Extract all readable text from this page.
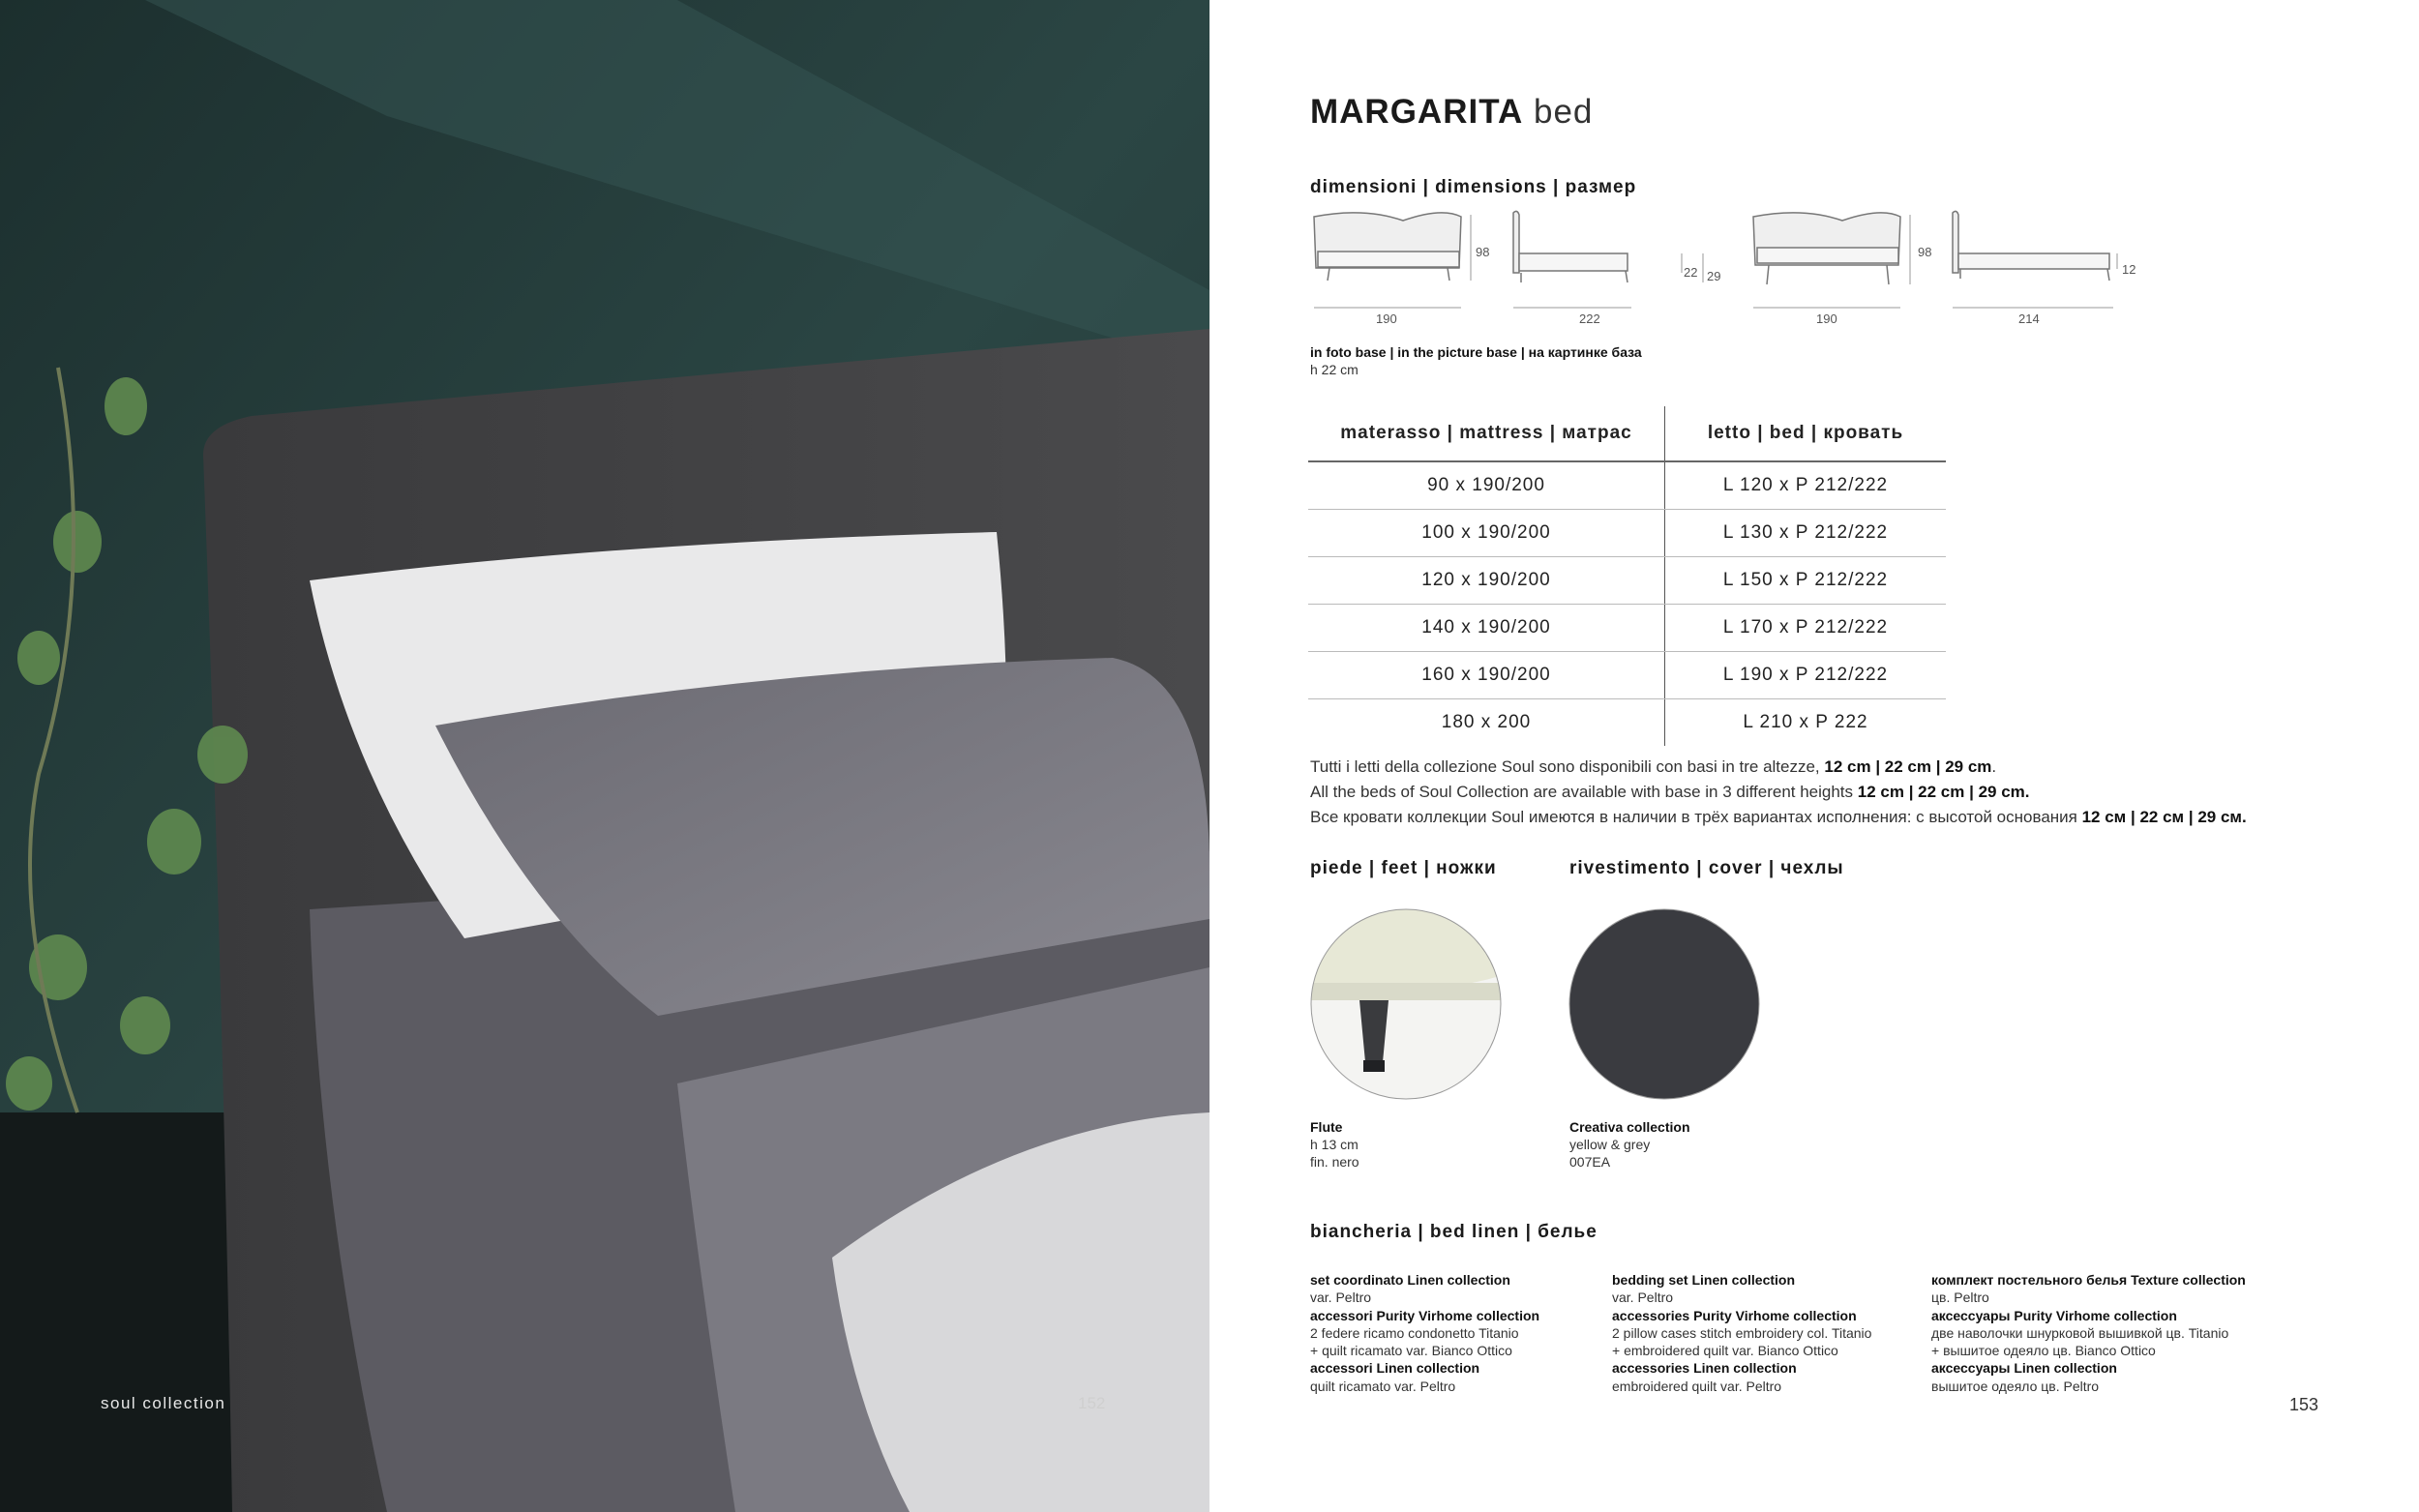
soul collection	152
MARGARITA bed
dimensioni | dimensions | размер
98
190
22 29
222
98
190
12
214
in foto base | in the picture base | на картинке база
h 22 cm
materasso | mattress | матрас	letto | bed | кровать
90 x 190/200	L 120 x P 212/222
100 x 190/200	L 130 x P 212/222
120 x 190/200	L 150 x P 212/222
140 x 190/200	L 170 x P 212/222
160 x 190/200	L 190 x P 212/222
180 x 200	L 210 x P 222
Tutti i letti della collezione Soul sono disponibili con basi in tre altezze, 12 cm | 22 cm | 29 cm.
All the beds of Soul Collection are available with base in 3 different heights 12 cm | 22 cm | 29 cm.
Все кровати коллекции Soul имеются в наличии в трёх вариантах исполнения: с высотой основания 12 см | 22 см | 29 см.
piede | feet | ножки	rivestimento | cover | чехлы
Flute
h 13 cm
fin. nero
Creativa collection
yellow & grey
007EA
biancheria | bed linen | белье
set coordinato Linen collection
var. Peltro
accessori Purity Virhome collection
2 federe ricamo condonetto Titanio
+ quilt ricamato var. Bianco Ottico
accessori Linen collection
quilt ricamato var. Peltro
bedding set Linen collection
var. Peltro
accessories Purity Virhome collection
2 pillow cases stitch embroidery col. Titanio
+ embroidered quilt var. Bianco Ottico
accessories Linen collection
embroidered quilt var. Peltro
комплект постельного белья Texture collection
цв. Peltro
аксессуары Purity Virhome collection
две наволочки шнурковой вышивкой цв. Titanio
+ вышитое одеяло цв. Bianco Ottico
аксессуары Linen collection
вышитое одеяло цв. Peltro
153
